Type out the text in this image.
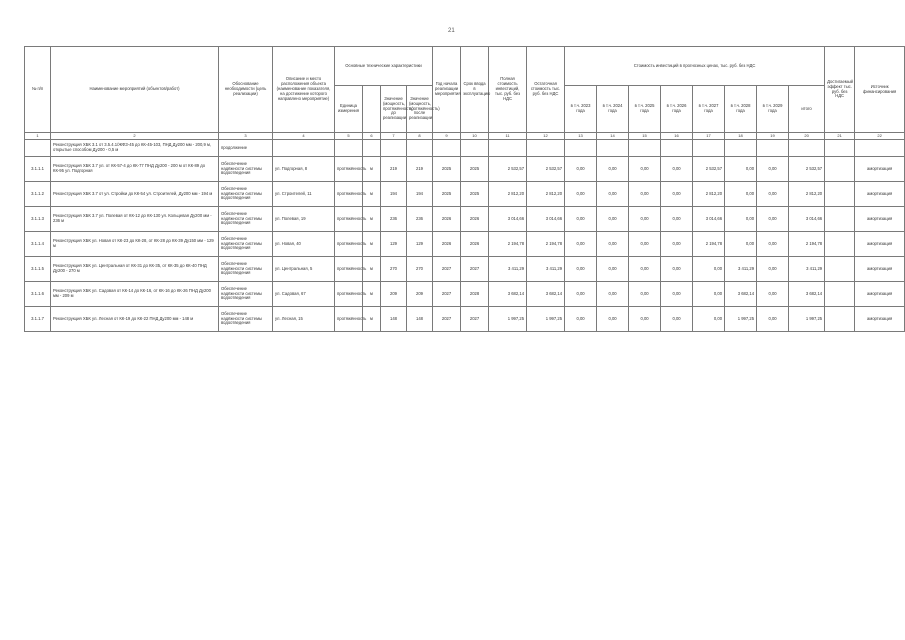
21
№ п/п	Наименование мероприятий (объектов/работ)	Обоснование необходимости (цель реализации)	Описание и место расположения объекта (наименование показателя, на достижение которого направлено мероприятие)	Основные технические характеристики				Год начала реализации мероприятия	Срок ввода в эксплуатацию	Полная стоимость инвестиций, тыс. руб. без НДС	Остаточная стоимость тыс. руб. без НДС	Стоимость инвестиций в прогнозных ценах, тыс. руб. без НДС								Достигаемый эффект тыс. руб. без НДС	Источник финансирования
				Единица измерения		Значение (мощность, протяжённость) до реализации	Значение (мощность, протяжённость) после реализации					в т.ч. 2023 года	в т.ч. 2024 года	в т.ч. 2025 года	в т.ч. 2026 года	в т.ч. 2027 года	в т.ч. 2028 года	в т.ч. 2029 года	итого		
1	2	3	4	5	6	7	8	9	10	11	12	13	14	15	16	17	18	19	20	21	22
	Реконструкция ХБК 3.1 от 3.5.4.1/ЖФЗ-45 до КК-45-103, ПНД Ду200 мм - 200,9 м, открытые способом Ду200 - 0,5 м	продолжение																			
3.1.1.1	Реконструкция ХБК 3.7 ул. от КК-57-4 до КК-77 ПНД Ду200 - 200 м от КК-89 до КК-95 ул. Подгорная	Обеспечение надёжности системы водоотведения	ул. Подгорная, 8	протяжённость	м	219	219	2025	2025	2 532,57	2 532,57	0,00	0,00	0,00	0,00	2 532,57	0,00	0,00	2 532,57		амортизация
3.1.1.2	Реконструкция ХБК 3.7 от ул. Стройки до КК-54 ул. Строителей, Ду200 мм - 194 м	Обеспечение надёжности системы водоотведения	ул. Строителей, 11	протяжённость	м	194	194	2025	2025	2 812,20	2 812,20	0,00	0,00	0,00	0,00	2 812,20	0,00	0,00	2 812,20		амортизация
3.1.1.3	Реконструкция ХБК 3.7 ул. Полевая от КК-12 до КК-130 ул. Кольцевая Ду200 мм - 236 м	Обеспечение надёжности системы водоотведения	ул. Полевая, 19	протяжённость	м	236	236	2026	2026	3 014,66	3 014,66	0,00	0,00	0,00	0,00	3 014,66	0,00	0,00	3 014,66		амортизация
3.1.1.4	Реконструкция ХБК ул. Новая от КК-23 до КК-28, от КК-28 до КК-39 Ду150 мм - 129 м	Обеспечение надёжности системы водоотведения	ул. Новая, 40	протяжённость	м	129	129	2026	2026	2 194,78	2 194,78	0,00	0,00	0,00	0,00	2 194,78	0,00	0,00	2 194,78		амортизация
3.1.1.5	Реконструкция ХБК ул. Центральная от КК-31 до КК-35, от КК-35 до КК-40 ПНД Ду200 - 270 м	Обеспечение надёжности системы водоотведения	ул. Центральная, 5	протяжённость	м	270	270	2027	2027	3 411,29	3 411,29	0,00	0,00	0,00	0,00	0,00	3 411,29	0,00	3 411,29		амортизация
3.1.1.6	Реконструкция ХБК ул. Садовая от КК-14 до КК-16, от КК-16 до КК-26 ПНД Ду200 мм - 209 м	Обеспечение надёжности системы водоотведения	ул. Садовая, 67	протяжённость	м	209	209	2027	2028	3 682,14	3 682,14	0,00	0,00	0,00	0,00	0,00	3 682,14	0,00	3 682,14		амортизация
3.1.1.7	Реконструкция ХБК ул. Лесная от КК-19 до КК-22 ПНД Ду200 мм - 148 м	Обеспечение надёжности системы водоотведения	ул. Лесная, 15	протяжённость	м	148	148	2027	2027	1 997,25	1 997,25	0,00	0,00	0,00	0,00	0,00	1 997,25	0,00	1 997,25		амортизация
